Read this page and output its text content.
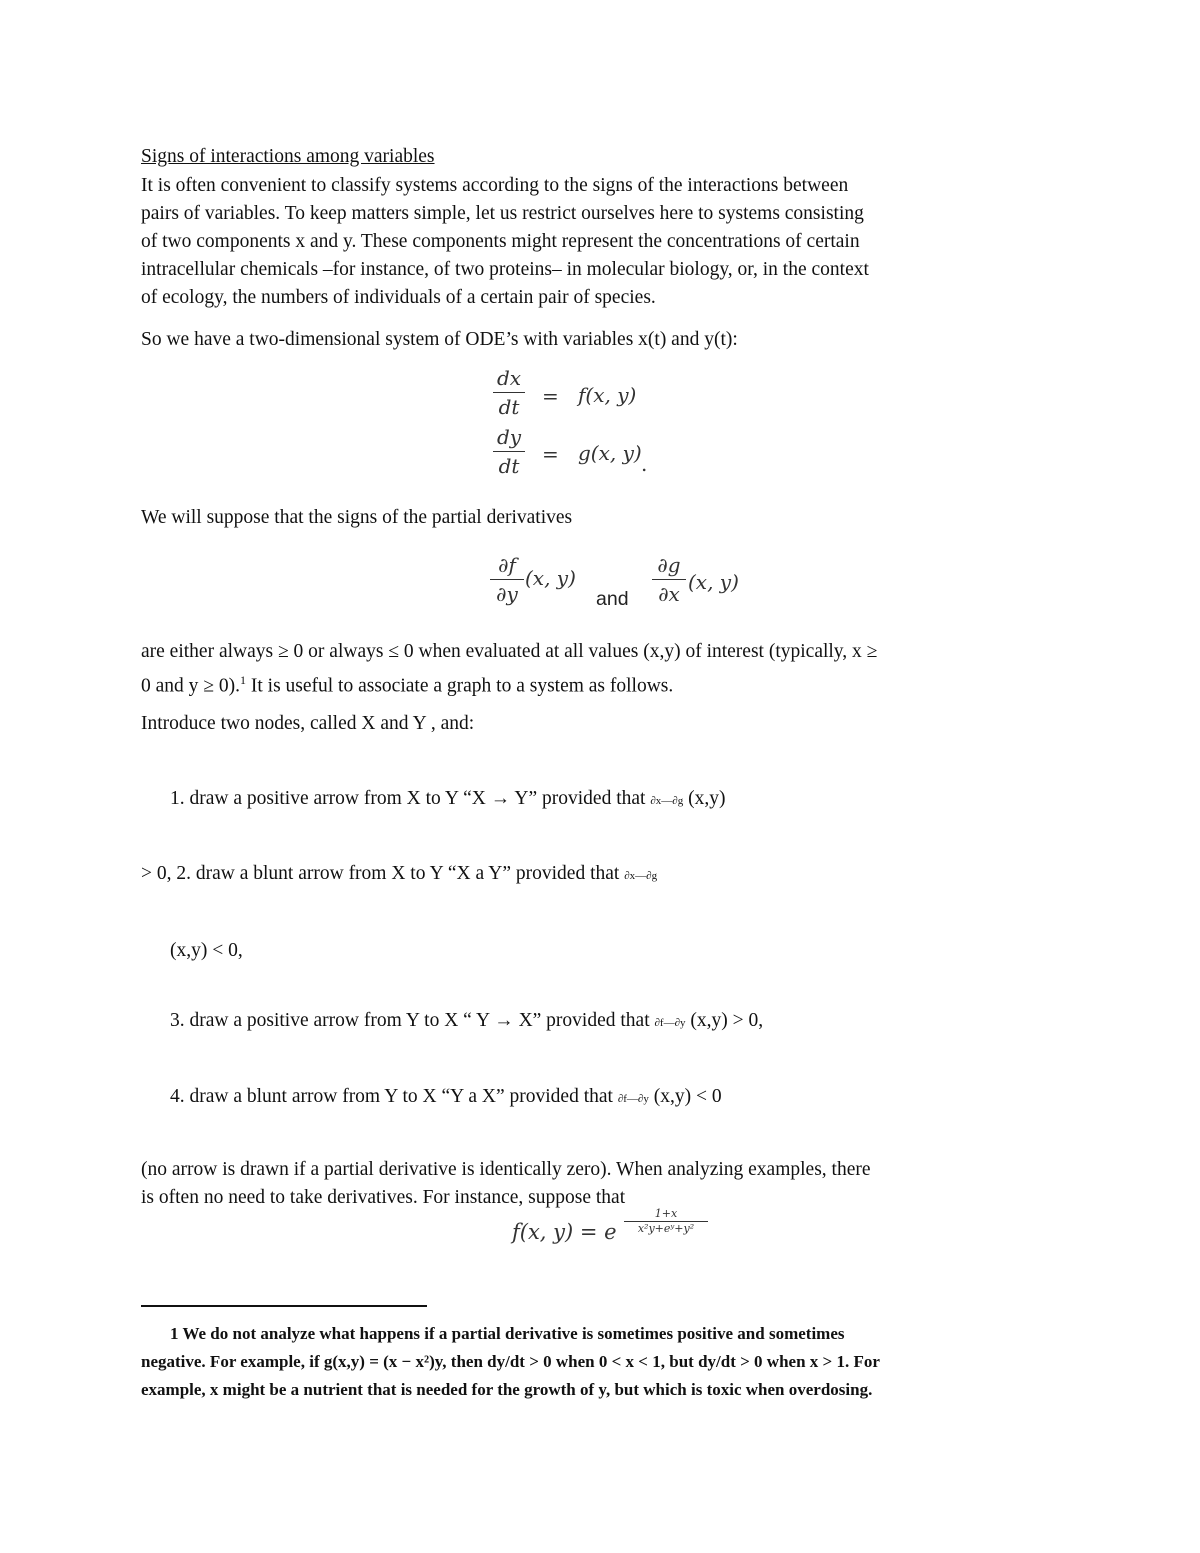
Signs of interactions among variables
It is often convenient to classify systems according to the signs of the interactions between
pairs of variables. To keep matters simple, let us restrict ourselves here to systems consisting
of two components x and y. These components might represent the concentrations of certain
intracellular chemicals –for instance, of two proteins– in molecular biology, or, in the context
of ecology, the numbers of individuals of a certain pair of species.
So we have a two-dimensional system of ODE’s with variables x(t) and y(t):
dx
dt = f(x, y)
dy
dt = g(x, y) .
We will suppose that the signs of the partial derivatives
∂f
∂y
(x, y)
and
∂g
∂x (x, y)
are either always ≥ 0 or always ≤ 0 when evaluated at all values (x,y) of interest (typically, x ≥
0 and y ≥ 0).$^1$ It is useful to associate a graph to a system as follows.
Introduce two nodes, called X and Y , and:
1. draw a positive arrow from X to Y “X → Y” provided that ∂x—∂g (x,y)
> 0, 2. draw a blunt arrow from X to Y “X a Y” provided that ∂x—∂g
(x,y) < 0,
3. draw a positive arrow from Y to X “ Y → X” provided that ∂f—∂y (x,y) > 0,
4. draw a blunt arrow from Y to X “Y a X” provided that ∂f—∂y (x,y) < 0
(no arrow is drawn if a partial derivative is identically zero). When analyzing examples, there
is often no need to take derivatives. For instance, suppose that
f(x, y) = e
1+x
x²y+eʸ+y²
1 We do not analyze what happens if a partial derivative is sometimes positive and sometimes
negative. For example, if g(x,y) = (x − x²)y, then dy/dt > 0 when 0 < x < 1, but dy/dt > 0 when x > 1. For
example, x might be a nutrient that is needed for the growth of y, but which is toxic when overdosing.
